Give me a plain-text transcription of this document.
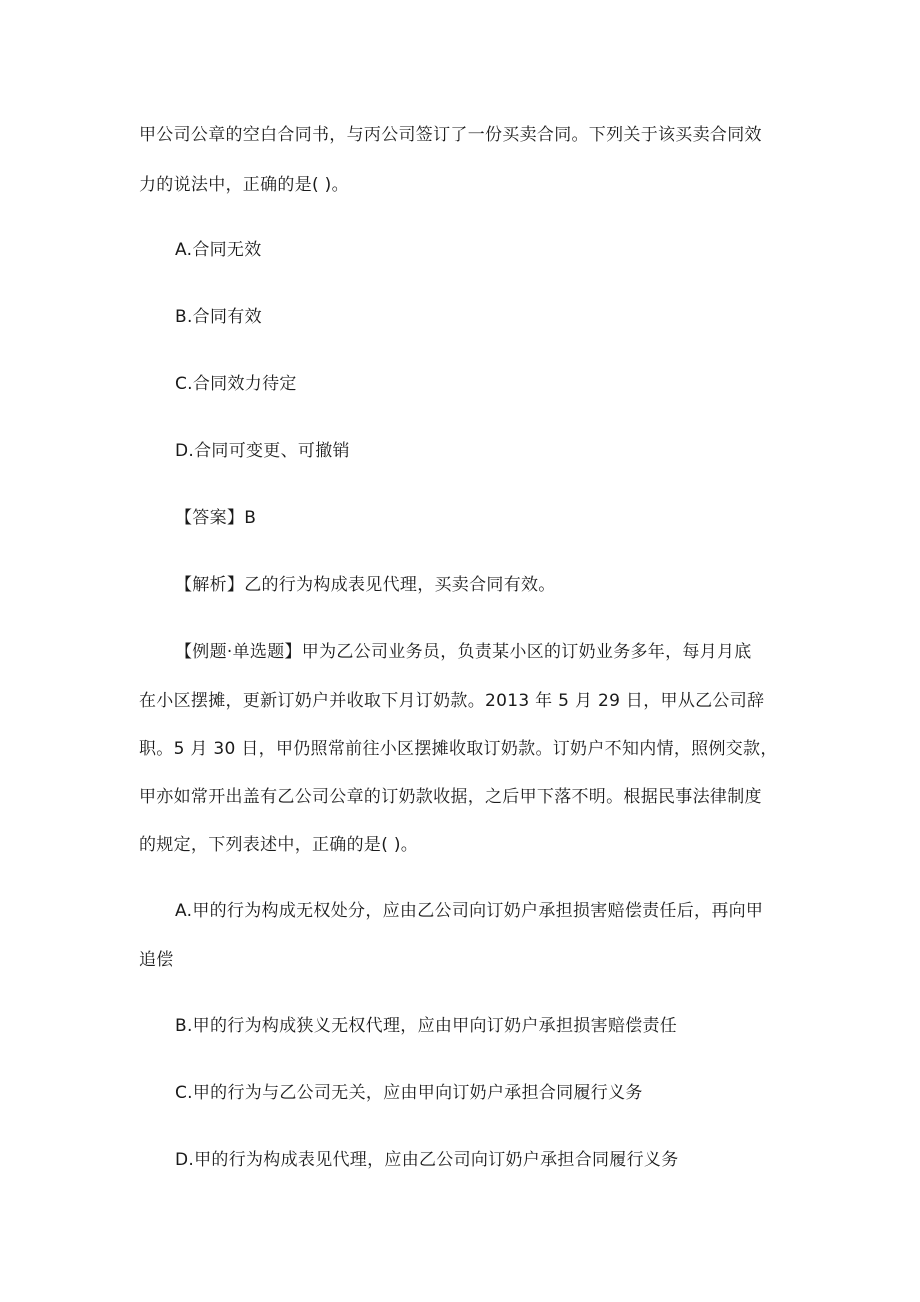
甲公司公章的空白合同书，与丙公司签订了一份买卖合同。下列关于该买卖合同效
力的说法中，正确的是( )。
A.合同无效
B.合同有效
C.合同效力待定
D.合同可变更、可撤销
【答案】B
【解析】乙的行为构成表见代理，买卖合同有效。
【例题·单选题】甲为乙公司业务员，负责某小区的订奶业务多年，每月月底
在小区摆摊，更新订奶户并收取下月订奶款。2013 年 5 月 29 日，甲从乙公司辞
职。5 月 30 日，甲仍照常前往小区摆摊收取订奶款。订奶户不知内情，照例交款，
甲亦如常开出盖有乙公司公章的订奶款收据，之后甲下落不明。根据民事法律制度
的规定，下列表述中，正确的是( )。
A.甲的行为构成无权处分，应由乙公司向订奶户承担损害赔偿责任后，再向甲
追偿
B.甲的行为构成狭义无权代理，应由甲向订奶户承担损害赔偿责任
C.甲的行为与乙公司无关，应由甲向订奶户承担合同履行义务
D.甲的行为构成表见代理，应由乙公司向订奶户承担合同履行义务
